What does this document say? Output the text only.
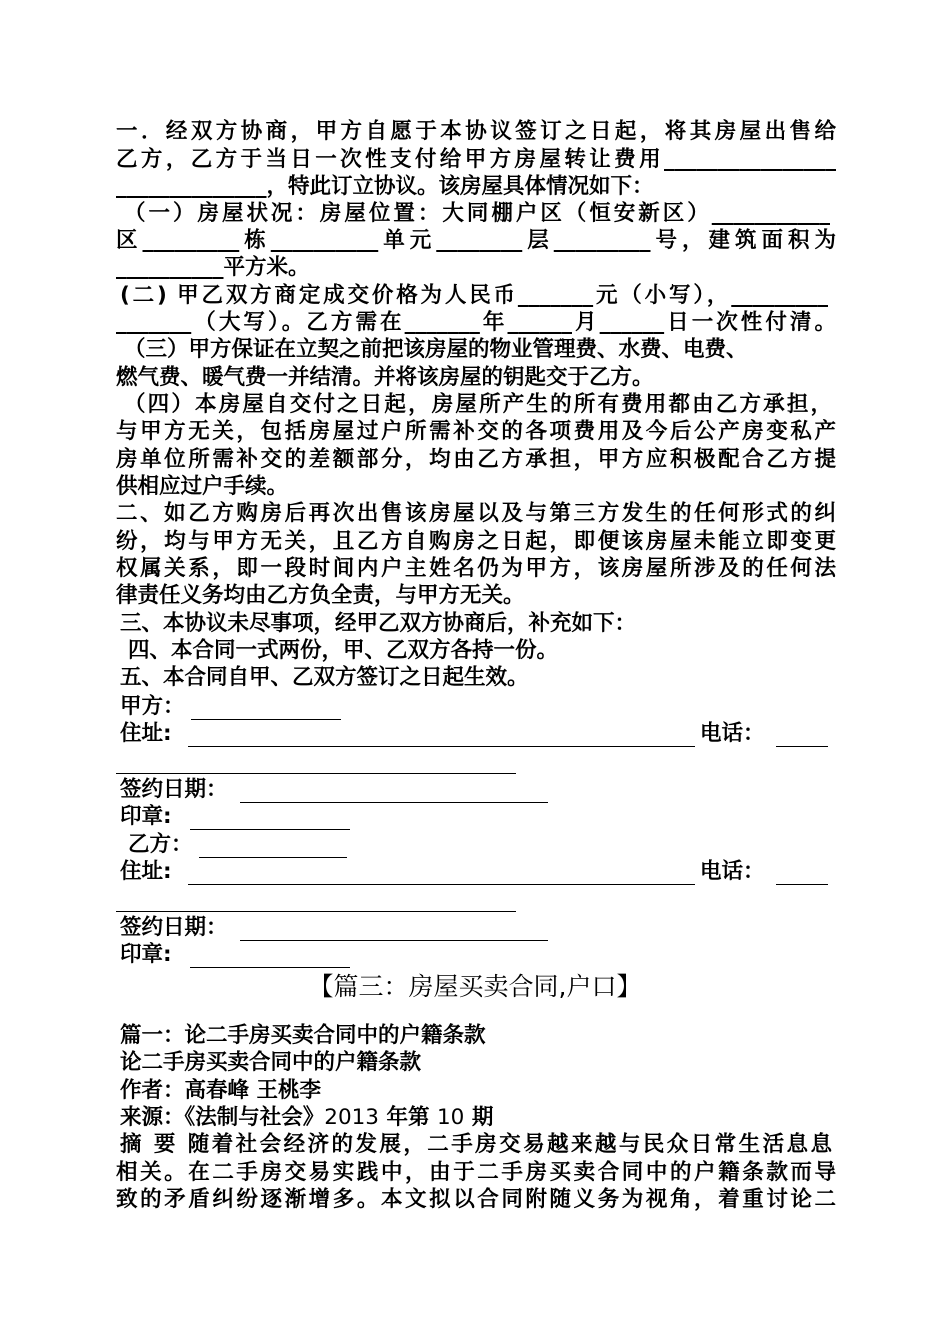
一．经双方协商，甲方自愿于本协议签订之日起，将其房屋出售给
乙方，乙方于当日一次性支付给甲方房屋转让费用________________
______________，特此订立协议。该房屋具体情况如下：
（一）房屋状况：房屋位置：大同棚户区（恒安新区）___________
区_________栋__________单元________层_________号，建筑面积为
__________平方米。
(二) 甲乙双方商定成交价格为人民币_______元（小写），_________
_______（大写）。乙方需在_______年______月______日一次性付清。
（三）甲方保证在立契之前把该房屋的物业管理费、水费、电费、
燃气费、暖气费一并结清。并将该房屋的钥匙交于乙方。
（四）本房屋自交付之日起，房屋所产生的所有费用都由乙方承担，
与甲方无关，包括房屋过户所需补交的各项费用及今后公产房变私产
房单位所需补交的差额部分，均由乙方承担，甲方应积极配合乙方提
供相应过户手续。
二、如乙方购房后再次出售该房屋以及与第三方发生的任何形式的纠
纷，均与甲方无关，且乙方自购房之日起，即便该房屋未能立即变更
权属关系，即一段时间内户主姓名仍为甲方，该房屋所涉及的任何法
律责任义务均由乙方负全责，与甲方无关。
三、本协议未尽事项，经甲乙双方协商后，补充如下：
四、本合同一式两份，甲、乙双方各持一份。
五、本合同自甲、乙双方签订之日起生效。
甲方：
住址:	电话：
签约日期：
印章:
乙方：
住址:	电话：
签约日期：
印章:
【篇三：房屋买卖合同,户口】
篇一：论二手房买卖合同中的户籍条款
论二手房买卖合同中的户籍条款
作者：高春峰 王桃李
来源：《法制与社会》2013 年第 10 期
摘 要 随着社会经济的发展，二手房交易越来越与民众日常生活息息
相关。在二手房交易实践中，由于二手房买卖合同中的户籍条款而导
致的矛盾纠纷逐渐增多。本文拟以合同附随义务为视角，着重讨论二
